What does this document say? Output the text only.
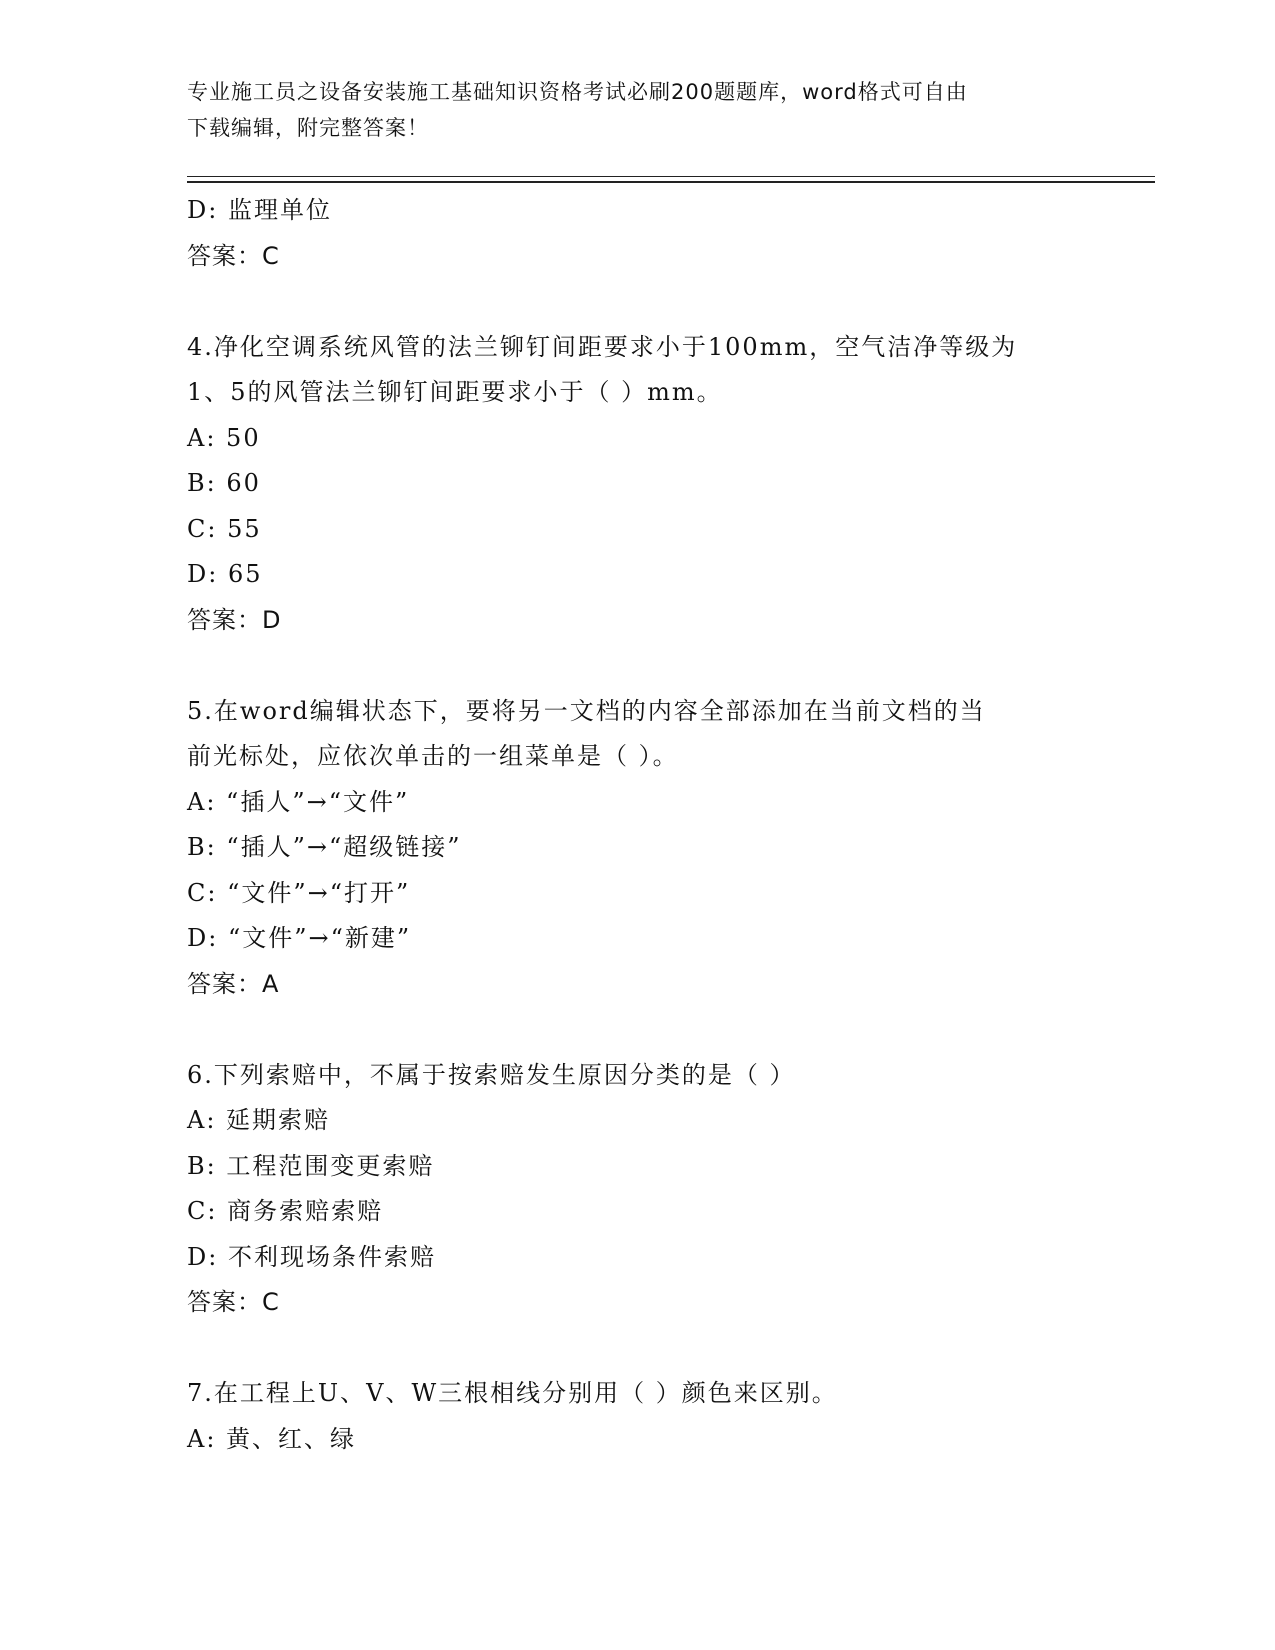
专业施工员之设备安装施工基础知识资格考试必刷200题题库，word格式可自由
下载编辑，附完整答案！
D: 监理单位
答案：C
4.净化空调系统风管的法兰铆钉间距要求小于100mm，空气洁净等级为
1、5的风管法兰铆钉间距要求小于（ ）mm。
A: 50
B: 60
C: 55
D: 65
答案：D
5.在word编辑状态下，要将另一文档的内容全部添加在当前文档的当
前光标处，应依次单击的一组菜单是（ ）。
A: “插人”→“文件”
B: “插人”→“超级链接”
C: “文件”→“打开”
D: “文件”→“新建”
答案：A
6.下列索赔中，不属于按索赔发生原因分类的是（ ）
A: 延期索赔
B: 工程范围变更索赔
C: 商务索赔索赔
D: 不利现场条件索赔
答案：C
7.在工程上U、V、W三根相线分别用（ ）颜色来区别。
A: 黄、红、绿
